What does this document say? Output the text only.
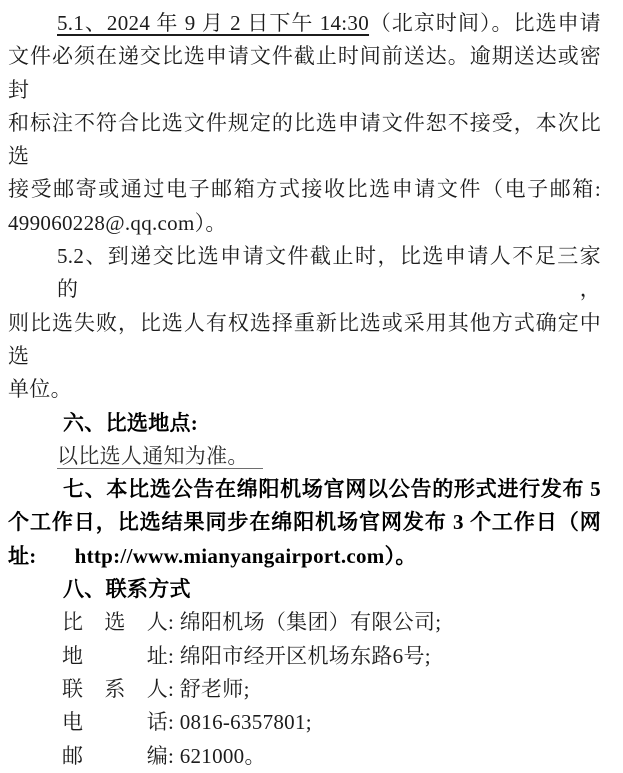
5.1、2024 年 9 月 2 日下午 14:30（北京时间）。比选申请
文件必须在递交比选申请文件截止时间前送达。逾期送达或密封
和标注不符合比选文件规定的比选申请文件恕不接受，本次比选
接受邮寄或通过电子邮箱方式接收比选申请文件（电子邮箱:
499060228@.qq.com）。
5.2、到递交比选申请文件截止时，比选申请人不足三家的，
则比选失败，比选人有权选择重新比选或采用其他方式确定中选
单位。
六、比选地点:
以比选人通知为准。
七、本比选公告在绵阳机场官网以公告的形式进行发布 5
个工作日，比选结果同步在绵阳机场官网发布 3 个工作日（网
址: http://www.mianyangairport.com）。
八、联系方式
比 选 人: 绵阳机场（集团）有限公司;
地 址: 绵阳市经开区机场东路6号;
联 系 人: 舒老师;
电 话: 0816-6357801;
邮 编: 621000。
